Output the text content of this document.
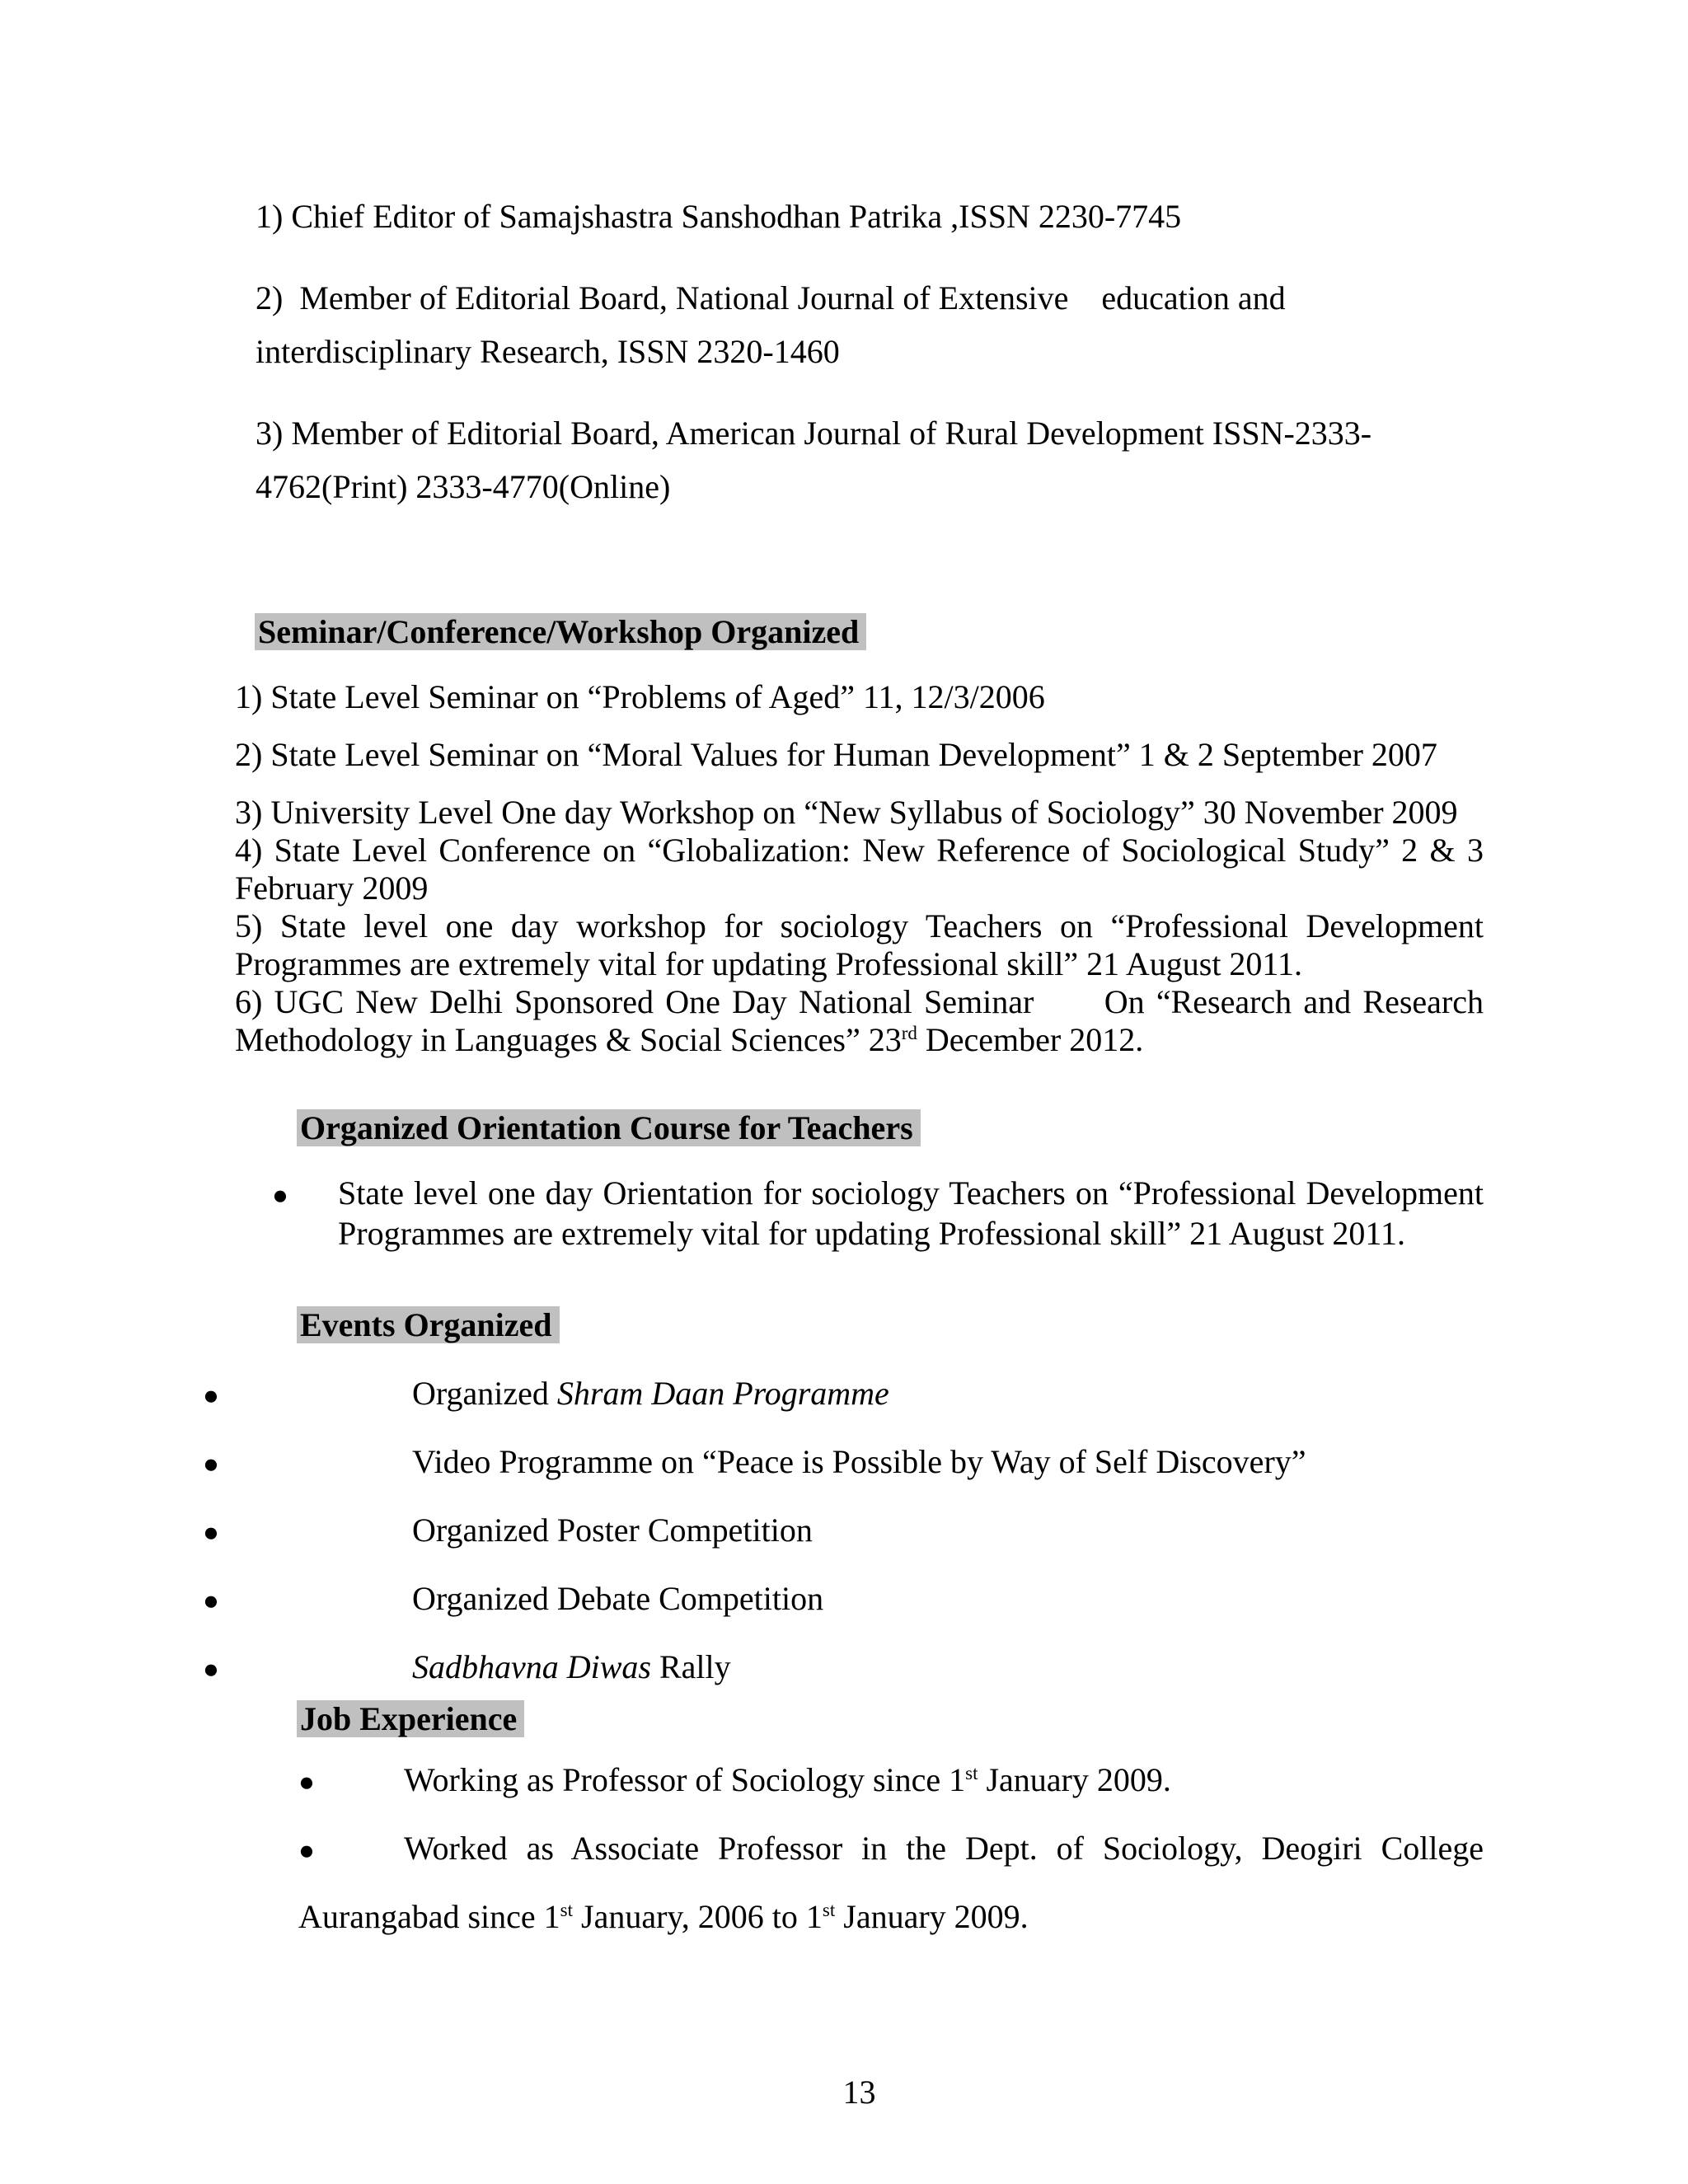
1) Chief Editor of Samajshastra Sanshodhan Patrika ,ISSN 2230-7745
2)  Member of Editorial Board, National Journal of Extensive    education and interdisciplinary Research, ISSN 2320-1460
3) Member of Editorial Board, American Journal of Rural Development ISSN-2333-4762(Print) 2333-4770(Online)
Seminar/Conference/Workshop Organized
1) State Level Seminar on “Problems of Aged” 11, 12/3/2006
2) State Level Seminar on “Moral Values for Human Development” 1 & 2 September 2007
3) University Level One day Workshop on “New Syllabus of Sociology” 30 November 2009
4) State Level Conference on “Globalization: New Reference of Sociological Study” 2 & 3 February 2009
5) State level one day workshop for sociology Teachers on “Professional Development Programmes are extremely vital for updating Professional skill” 21 August 2011.
6) UGC New Delhi Sponsored One Day National Seminar      On “Research and Research Methodology in Languages & Social Sciences” 23rd December 2012.
Organized Orientation Course for Teachers
● State level one day Orientation for sociology Teachers on “Professional Development Programmes are extremely vital for updating Professional skill” 21 August 2011.
Events Organized
●	Organized Shram Daan Programme
●	Video Programme on “Peace is Possible by Way of Self Discovery”
●	Organized Poster Competition
●	Organized Debate Competition
●	Sadbhavna Diwas Rally
Job Experience
●	Working as Professor of Sociology since 1st January 2009.
●	Worked as Associate Professor in the Dept. of Sociology, Deogiri College Aurangabad since 1st January, 2006 to 1st January 2009.
13
